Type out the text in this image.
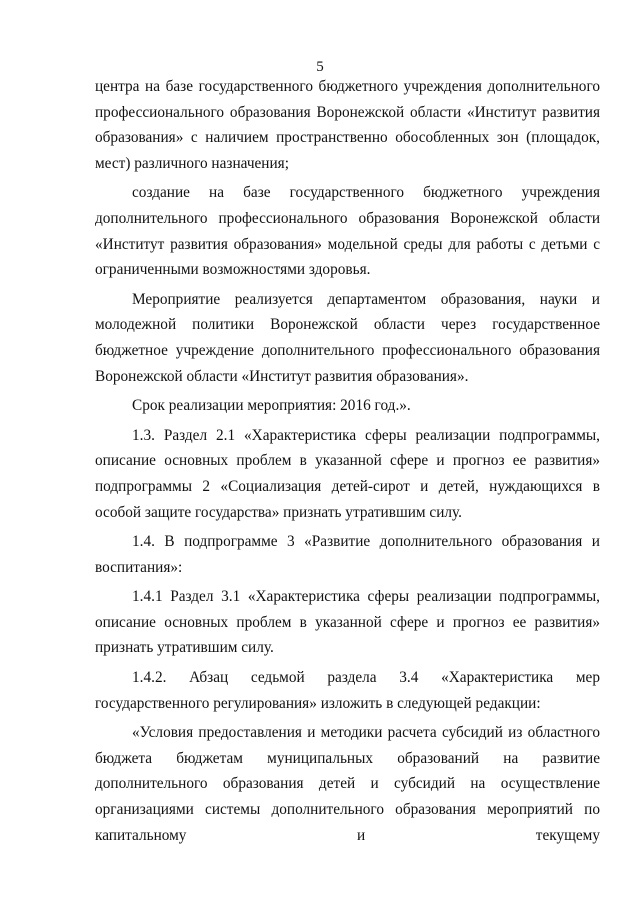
5

центра на базе государственного бюджетного учреждения дополнительного профессионального образования Воронежской области «Институт развития образования» с наличием пространственно обособленных зон (площадок, мест) различного назначения;

создание на базе государственного бюджетного учреждения дополнительного профессионального образования Воронежской области «Институт развития образования» модельной среды для работы с детьми с ограниченными возможностями здоровья.

Мероприятие реализуется департаментом образования, науки и молодежной политики Воронежской области через государственное бюджетное учреждение дополнительного профессионального образования Воронежской области «Институт развития образования».

Срок реализации мероприятия: 2016 год.».

1.3. Раздел 2.1 «Характеристика сферы реализации подпрограммы, описание основных проблем в указанной сфере и прогноз ее развития» подпрограммы 2 «Социализация детей-сирот и детей, нуждающихся в особой защите государства» признать утратившим силу.

1.4. В подпрограмме 3 «Развитие дополнительного образования и воспитания»:

1.4.1 Раздел 3.1 «Характеристика сферы реализации подпрограммы, описание основных проблем в указанной сфере и прогноз ее развития» признать утратившим силу.

1.4.2. Абзац седьмой раздела 3.4 «Характеристика мер государственного регулирования» изложить в следующей редакции:

«Условия предоставления и методики расчета субсидий из областного бюджета бюджетам муниципальных образований на развитие дополнительного образования детей и субсидий на осуществление организациями системы дополнительного образования мероприятий по капитальному и текущему
